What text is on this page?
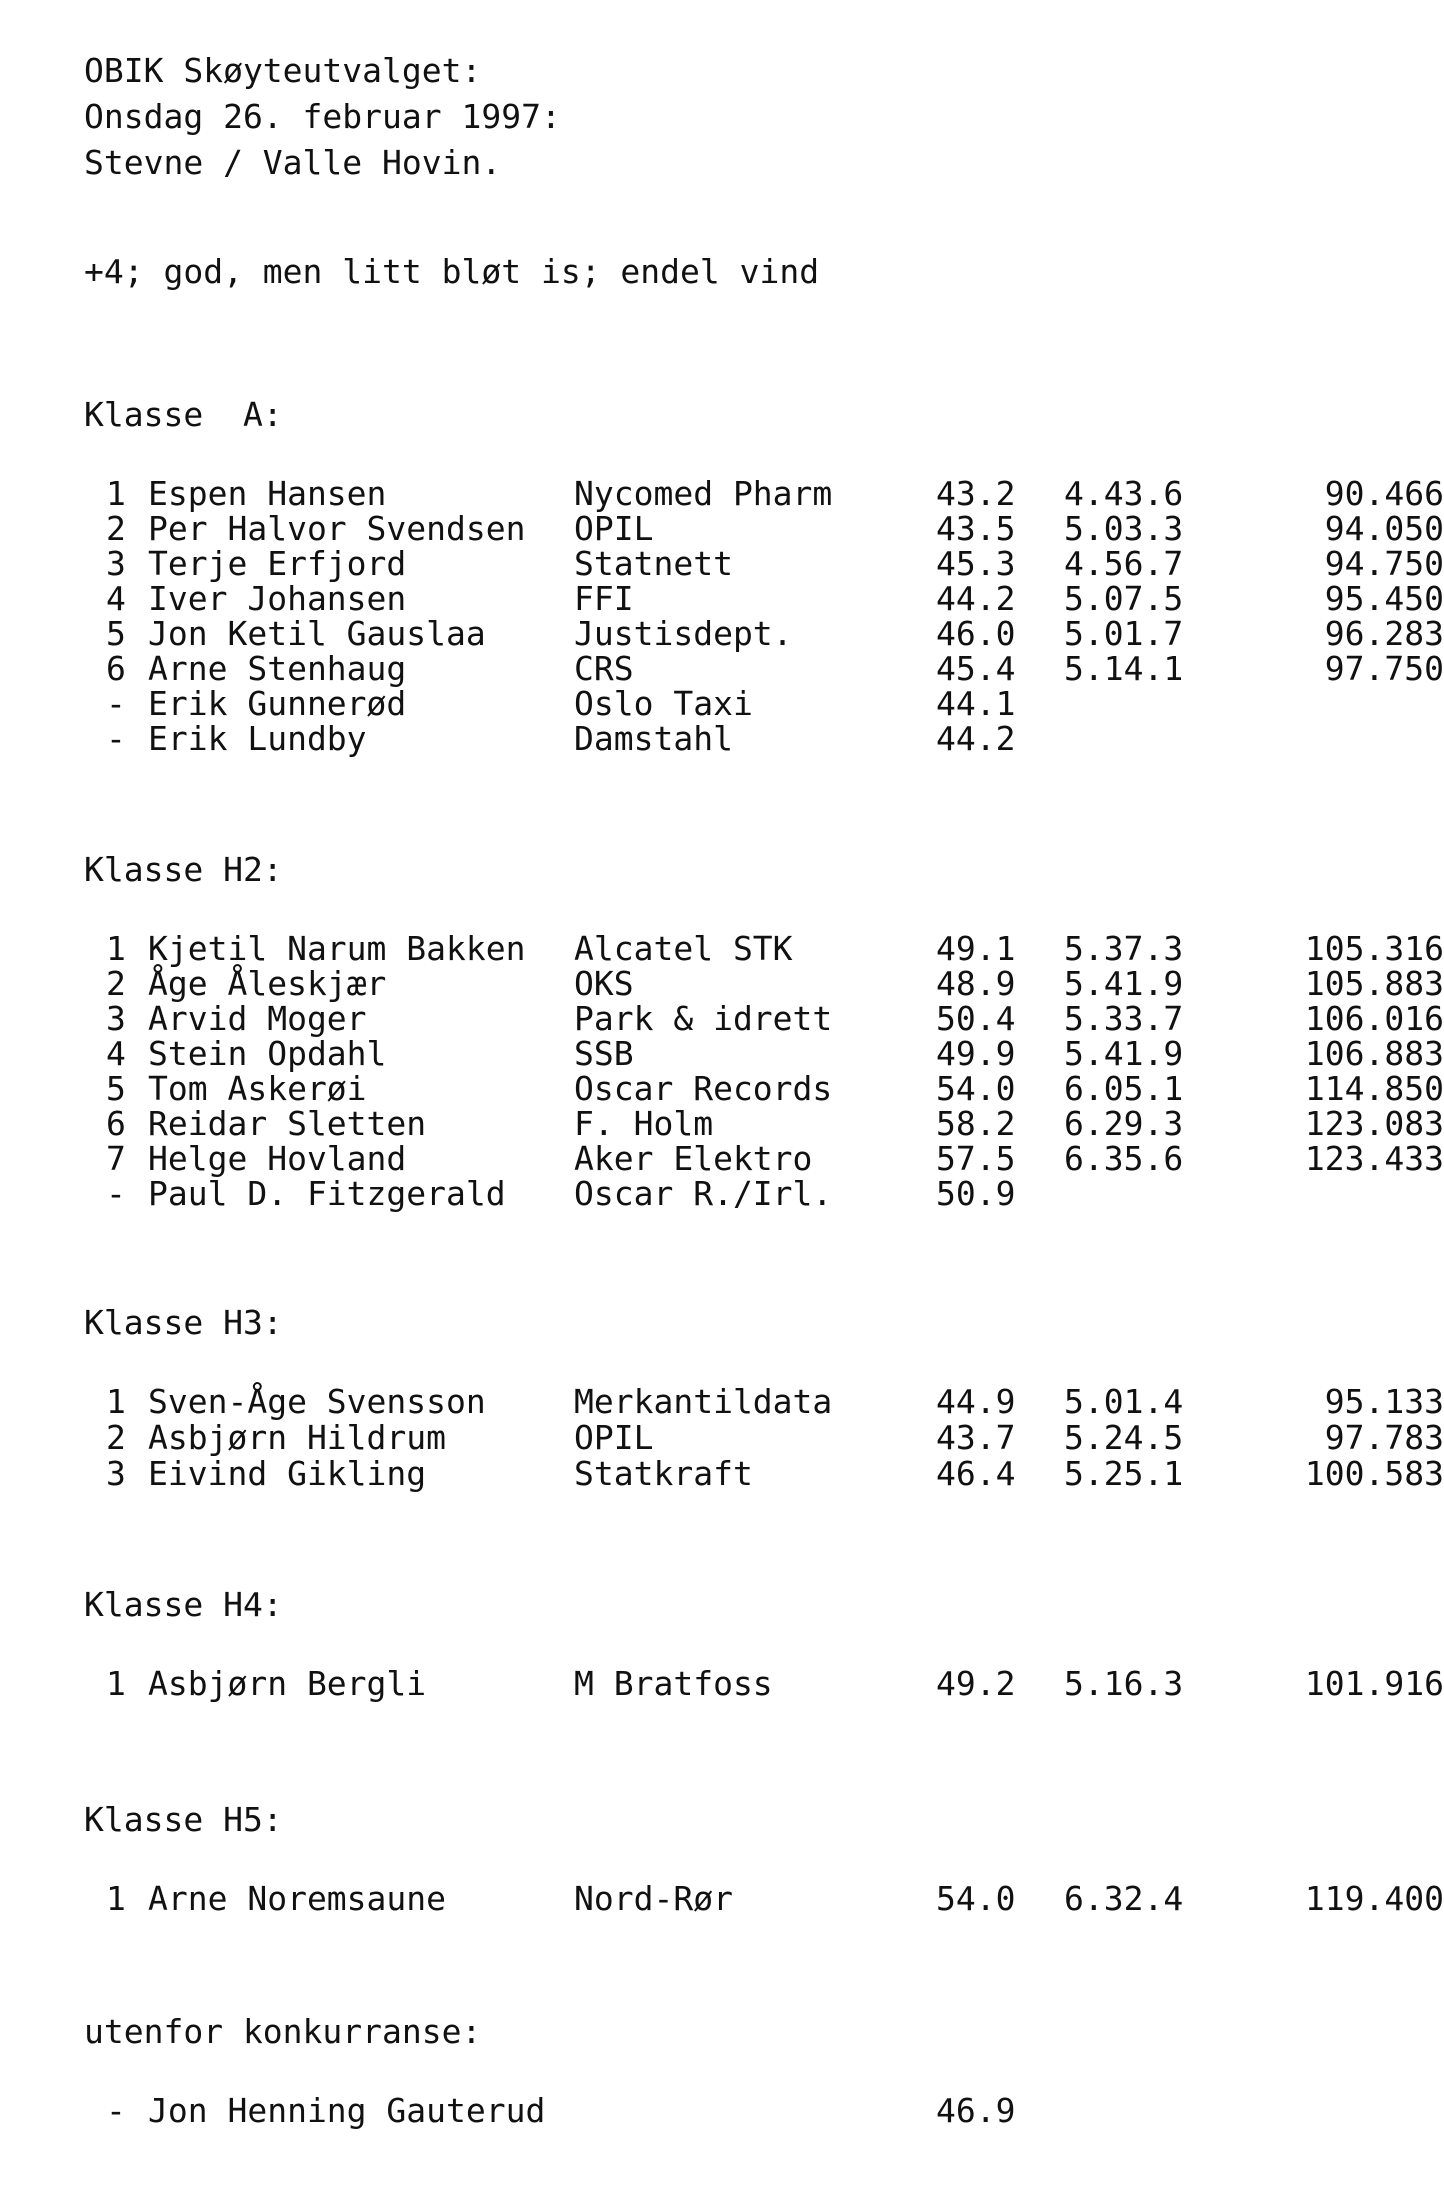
OBIK Skøyteutvalget:
Onsdag 26. februar 1997:
Stevne / Valle Hovin.
+4; god, men litt bløt is; endel vind
Klasse  A:
1 Espen Hansen	Nycomed Pharm	43.2 4.43.6	90.466
2 Per Halvor Svendsen OPIL	43.5 5.03.3	94.050
3 Terje Erfjord	Statnett	45.3 4.56.7	94.750
4 Iver Johansen	FFI	44.2 5.07.5	95.450
5 Jon Ketil Gauslaa	Justisdept.	46.0 5.01.7	96.283
6 Arne Stenhaug	CRS	45.4 5.14.1	97.750
- Erik Gunnerød	Oslo Taxi	44.1
- Erik Lundby	Damstahl	44.2
Klasse H2:
1 Kjetil Narum Bakken Alcatel STK	49.1 5.37.3	105.316
2 Åge Åleskjær	OKS	48.9 5.41.9	105.883
3 Arvid Moger	Park & idrett	50.4 5.33.7	106.016
4 Stein Opdahl	SSB	49.9 5.41.9	106.883
5 Tom Askerøi	Oscar Records	54.0 6.05.1	114.850
6 Reidar Sletten	F. Holm	58.2 6.29.3	123.083
7 Helge Hovland	Aker Elektro	57.5 6.35.6	123.433
- Paul D. Fitzgerald Oscar R./Irl.	50.9
Klasse H3:
1 Sven-Åge Svensson	Merkantildata	44.9 5.01.4	95.133
2 Asbjørn Hildrum	OPIL	43.7 5.24.5	97.783
3 Eivind Gikling	Statkraft	46.4 5.25.1	100.583
Klasse H4:
1 Asbjørn Bergli	M Bratfoss	49.2 5.16.3	101.916
Klasse H5:
1 Arne Noremsaune	Nord-Rør	54.0 6.32.4	119.400
utenfor konkurranse:
- Jon Henning Gauterud	46.9
